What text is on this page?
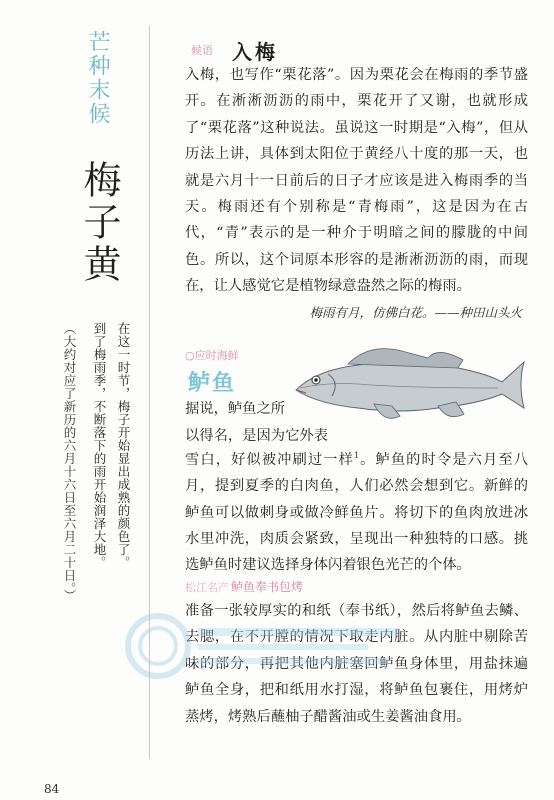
芒种末候
梅子黄
在这一时节，梅子开始显出成熟的颜色了。
到了梅雨季，不断落下的雨开始润泽大地。
（大约对应了新历的六月十六日至六月二十日。）
候语 入梅

入梅，也写作“栗花落”。因为栗花会在梅雨的季节盛开。在淅淅沥沥的雨中，栗花开了又谢，也就形成了“栗花落”这种说法。虽说这一时期是“入梅”，但从历法上讲，具体到太阳位于黄经八十度的那一天，也就是六月十一日前后的日子才应该是进入梅雨季的当天。梅雨还有个别称是“青梅雨”，这是因为在古代，“青”表示的是一种介于明暗之间的朦胧的中间色。所以，这个词原本形容的是淅淅沥沥的雨，而现在，让人感觉它是植物绿意盎然之际的梅雨。

梅雨有月，仿佛白花。——种田山头火
○应时海鲜
鲈鱼

据说，鲈鱼之所

以得名，是因为它外表

雪白，好似被冲刷过一样$^1$。鲈鱼的时令是六月至八月，提到夏季的白肉鱼，人们必然会想到它。新鲜的鲈鱼可以做刺身或做冷鲜鱼片。将切下的鱼肉放进冰水里冲洗，肉质会紧致，呈现出一种独特的口感。挑选鲈鱼时建议选择身体闪着银色光芒的个体。

松江名产 鲈鱼奉书包烤

准备一张较厚实的和纸（奉书纸），然后将鲈鱼去鳞、去腮，在不开膛的情况下取走内脏。从内脏中剔除苦味的部分，再把其他内脏塞回鲈鱼身体里，用盐抹遍鲈鱼全身，把和纸用水打湿，将鲈鱼包裹住，用烤炉蒸烤，烤熟后蘸柚子醋酱油或生姜酱油食用。

84
